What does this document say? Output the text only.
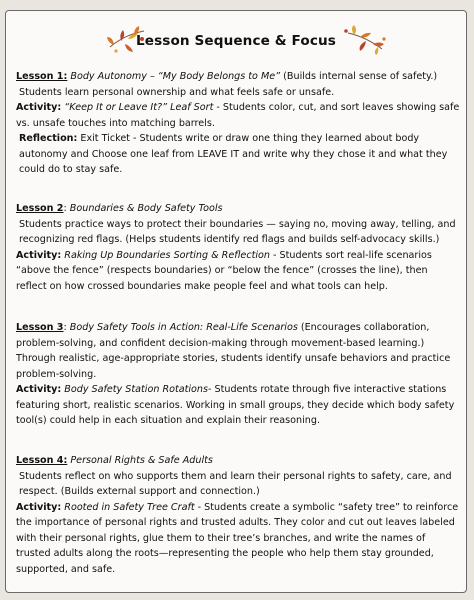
Lesson Sequence & Focus

Lesson 1: Body Autonomy – “My Body Belongs to Me” (Builds internal sense of safety.)

Students learn personal ownership and what feels safe or unsafe.

Activity: “Keep It or Leave It?” Leaf Sort - Students color, cut, and sort leaves showing safe vs. unsafe touches into matching barrels.

Reflection: Exit Ticket - Students write or draw one thing they learned about body autonomy and Choose one leaf from LEAVE IT and write why they chose it and what they could do to stay safe.

Lesson 2: Boundaries & Body Safety Tools

Students practice ways to protect their boundaries — saying no, moving away, telling, and recognizing red flags. (Helps students identify red flags and builds self-advocacy skills.)

Activity: Raking Up Boundaries Sorting & Reflection - Students sort real-life scenarios “above the fence” (respects boundaries) or “below the fence” (crosses the line), then reflect on how crossed boundaries make people feel and what tools can help.

Lesson 3: Body Safety Tools in Action: Real-Life Scenarios (Encourages collaboration, problem-solving, and confident decision-making through movement-based learning.)

Through realistic, age-appropriate stories, students identify unsafe behaviors and practice problem-solving.

Activity: Body Safety Station Rotations- Students rotate through five interactive stations featuring short, realistic scenarios. Working in small groups, they decide which body safety tool(s) could help in each situation and explain their reasoning.

Lesson 4: Personal Rights & Safe Adults

Students reflect on who supports them and learn their personal rights to safety, care, and respect. (Builds external support and connection.)

Activity: Rooted in Safety Tree Craft - Students create a symbolic “safety tree” to reinforce the importance of personal rights and trusted adults. They color and cut out leaves labeled with their personal rights, glue them to their tree’s branches, and write the names of trusted adults along the roots—representing the people who help them stay grounded, supported, and safe.
